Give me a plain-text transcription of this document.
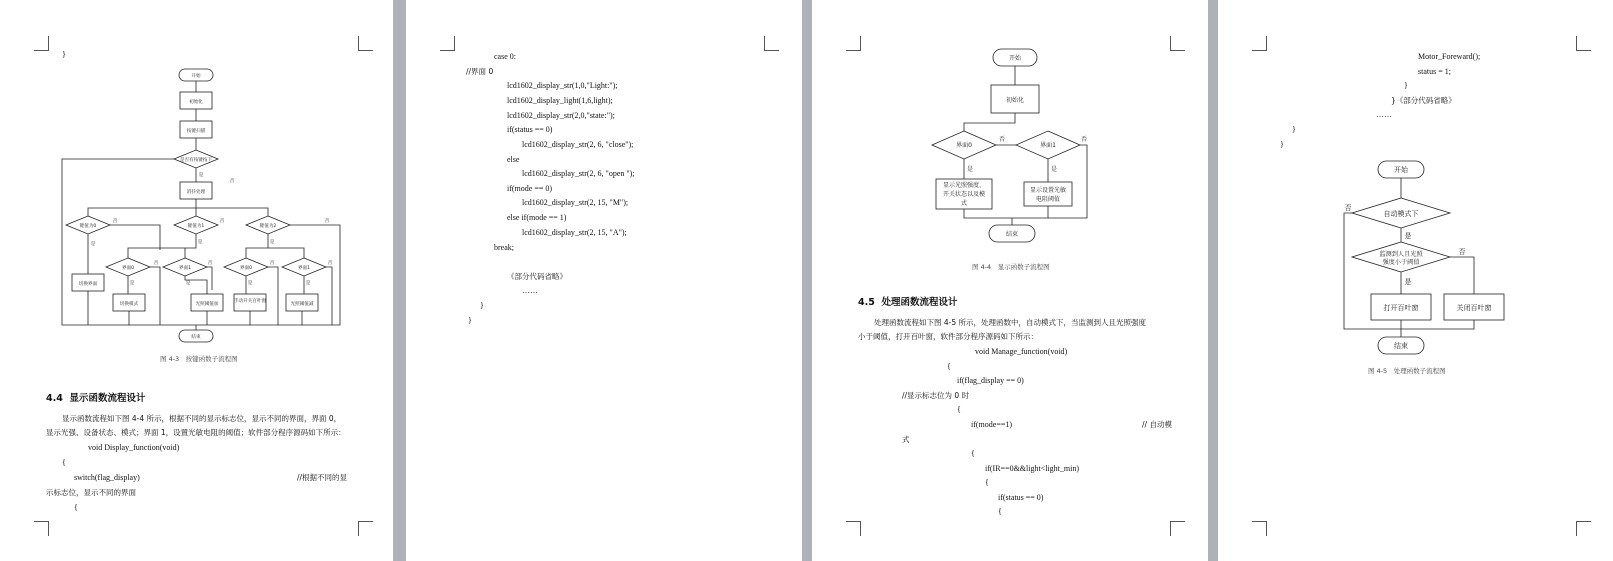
}
开始
初始化
按键扫描
是否有按键按下
消抖处理
键值为0	键值为1	键值为2
界面0	界面1	界面0	界面1
切换界面
切换模式	光照阈值加
手动开关百叶窗
光照阈值减
结束
是
否
是
否
是
否
是
否
是
否
是
否
是
否
是
否
图 4-3　按键函数子流程图
4.4 显示函数流程设计
显示函数流程如下图 4-4 所示，根据不同的显示标志位，显示不同的界面，界面 0，
显示光强、设备状态、模式；界面 1，设置光敏电阻的阈值；软件部分程序源码如下所示：
void Display_function(void)
{
switch(flag_display)	//根据不同的显
示标志位，显示不同的界面
{
case 0:
//界面 0
lcd1602_display_str(1,0,"Light:");
lcd1602_display_light(1,6,light);
lcd1602_display_str(2,0,"state:");
if(status == 0)
lcd1602_display_str(2, 6, "close");
else
lcd1602_display_str(2, 6, "open ");
if(mode == 0)
lcd1602_display_str(2, 15, "M");
else if(mode == 1)
lcd1602_display_str(2, 15, "A");
break;
《部分代码省略》
……
}
}
开始
初始化
界面0	界面1
显示光照强度、
开关状态以及模
式
显示设置光敏
电阻阈值
结束
是
否
是
否
图 4-4　显示函数子流程图
4.5 处理函数流程设计
处理函数流程如下图 4-5 所示，处理函数中，自动模式下，当监测到人且光照强度
小于阈值，打开百叶窗，软件部分程序源码如下所示：
void Manage_function(void)
{
if(flag_display == 0)
//显示标志位为 0 时
{
if(mode==1)	// 自动模
式
{
if(IR==0&&light<light_min)
{
if(status == 0)
{
Motor_Foreward();
status = 1;
}
}《部分代码省略》
……
}
}
开始
自动模式下
监测到人且光照
强度小于阈值
打开百叶窗	关闭百叶窗
结束
是
否
是
否
图 4-5　处理函数子流程图
